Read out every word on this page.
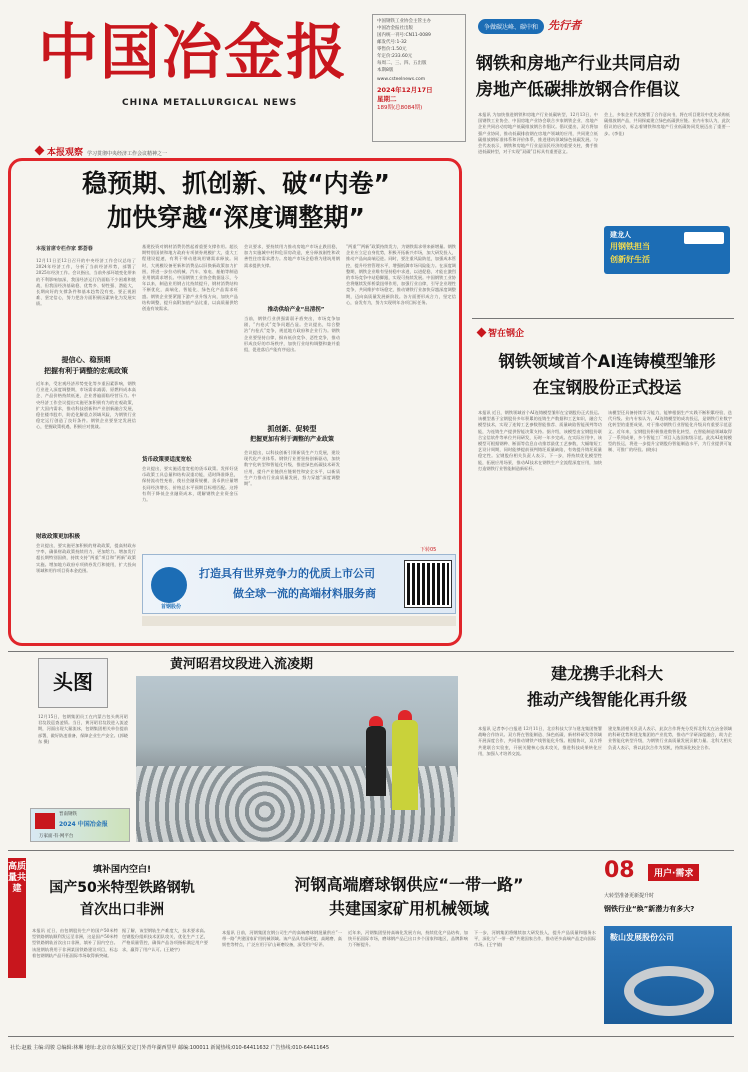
中国冶金报
CHINA METALLURGICAL NEWS
中国钢铁工业协会主管主办
中国冶金报社出版
国内统一刊号:CN11-0089
邮发代号:1-32
零售价:1.50元
年定价:233.60元
每周二、三、四、五出版
本期8版
www.csteelnews.com
2024年12月17日
星期二
189期(总8084期)
本报观察 学习贯彻中央经济工作会议精神之一
稳预期、抓创新、破“内卷”
加快穿越“深度调整期”
本报首席专栏作家 郭荟春
12月11日至12日召开的中央经济工作会议总结了2024年经济工作，分析了当前经济形势，部署了2025年经济工作。会议指出，当前外部环境变化带来的不利影响加深，我国经济运行仍面临不少困难和挑战，但我国经济基础稳、优势多、韧性强、潜能大，长期向好的支撑条件和基本趋势没有变。要正视困难、坚定信心，努力把各方面积极因素转化为发展实绩。
提信心、稳预期
把握有利于调整的宏观政策
近年来，受宏观经济形势变化等多重因素影响，钢铁行业进入深度调整期，市场需求减弱、原燃料成本高企、产品价格持续低迷，企业普遍面临经营压力。中央经济工作会议提出实施更加积极有为的宏观政策，扩大国内需求，推动科技创新和产业创新融合发展，稳住楼市股市，防范化解重点领域风险，为钢铁行业稳定运行创造了良好条件。钢铁企业要坚定发展信心，把握政策机遇，积极应对挑战。
财政政策更加积极
会议提出，要实施更加积极的财政政策，提高财政赤字率，确保财政政策持续用力、更加给力。增加发行超长期特别国债，持续支持“两重”项目和“两新”政策实施。增加地方政府专项债券发行和使用，扩大投向领域和用作项目资本金范围。
基建投资对钢材消费仍然起着重要支撑作用。超长期特别国债和地方政府专项债券规模扩大，重大工程建设提速，有利于带动建筑用钢需求释放。同时，大规模设备更新和消费品以旧换新政策加力扩围，将进一步拉动机械、汽车、家电、船舶等制造业用钢需求增长。中国钢铁工业协会数据显示，今年以来，制造业用钢占比持续提升，钢材消费结构不断优化，高端化、智能化、绿色化产品需求旺盛。钢铁企业要紧跟下游产业升级方向，加快产品结构调整，提升高附加值产品比重，以高质量供给创造有效需求。
货币政策要适度宽松
会议提出，要实施适度宽松的货币政策。发挥好货币政策工具总量和结构双重功能，适时降准降息，保持流动性充裕，使社会融资规模、货币供应量增长同经济增长、价格总水平预期目标相匹配。这将有利于降低企业融资成本，缓解钢铁企业资金压力。
会议要求，要持续用力推动房地产市场止跌回稳，加力实施城中村和危旧房改造，充分释放刚性和改善性住房需求潜力。房地产市场企稳将为建筑用钢需求提供支撑。
推动供给产业“出清拐”
当前，钢铁行业供强需弱矛盾突出，市场竞争加剧，“内卷式”竞争问题凸显。会议提出，综合整治“内卷式”竞争，规范地方政府和企业行为。钢铁企业要坚持自律，摒弃低价竞争、恶性竞争，推动形成良好的市场秩序，加快行业结构调整和兼并重组，促进落后产能有序退出。
抓创新、促转型
把握更加有利于调整的产业政策
会议提出，以科技创新引领新质生产力发展，建设现代化产业体系。钢铁行业要坚持创新驱动，加快数字化转型和智能化升级，推进绿色低碳技术研发应用，提升产业链供应链韧性和安全水平，以新质生产力推动行业高质量发展，努力穿越“深度调整期”。
“两重”“两新”政策持续发力，为钢铁需求带来新增量。钢铁企业应立足自身优势，积极开拓新兴市场，加大研发投入，推动产品向高端迈进。同时，要注重风险防范，加强成本管控，提升经营管理水平，增强抵御市场风险能力。在深度调整期，钢铁企业唯有坚持稳中求进，以进促稳，才能在激烈的市场竞争中站稳脚跟，实现可持续发展。中国钢铁工业协会将继续发挥桥梁纽带作用，加强行业自律，引导企业理性竞争，共同维护市场稳定，推动钢铁行业加快穿越深度调整期，迈向高质量发展新阶段。各方面要形成合力，坚定信心，奋发有为，努力实现明年各项目标任务。
下转05
首钢股份
打造具有世界竞争力的优质上市公司
做全球一流的高端材料服务商
争做碳达峰、碳中和 先行者
钢铁和房地产行业共同启动
房地产低碳排放钢合作倡议
本报讯 为加快推进钢铁和房地产行业低碳转型，12月13日，中国钢铁工业协会、中国房地产业协会联合多家钢铁企业、房地产企业共同启动房地产低碳排放钢合作倡议。倡议提出，双方将加强产业协同，推动低碳排放钢在房地产领域的应用，共同建立低碳排放钢标准体系和评价体系，推进建筑领域绿色低碳发展。与会代表表示，钢铁和房地产行业是国民经济的重要支柱，携手推进低碳转型，对于实现“双碳”目标具有重要意义。
会上，多家企业代表签署了合作意向书，将在项目建设中优先采购低碳排放钢产品，共同探索建立绿色低碳供应链。业内专家认为，此次倡议的启动，标志着钢铁和房地产行业低碳协同发展迈出了重要一步。(李佳)
建龙人
用钢铁担当
创新好生活
智在钢企
钢铁领域首个AI连铸模型雏形
在宝钢股份正式投运
本报讯 近日，钢铁领域首个AI连铸模型雏形在宝钢股份正式投运。该模型基于宝钢股份多年积累的连铸生产数据和工艺知识，融合大模型技术，实现了连铸工艺参数智能推荐、质量缺陷智能预判等功能，为连铸生产提供智能决策支持。据介绍，该模型由宝钢股份联合宝信软件等单位共同研发，历时一年多完成。在实际应用中，该模型可根据钢种、断面等信息自动推荐最优工艺参数，大幅缩短工艺设计周期，同时能够提前预判铸坯质量缺陷，有效提升铸坯质量稳定性。宝钢股份相关负责人表示，下一步，将持续优化模型性能，拓展应用场景，推动AI技术在钢铁生产全流程深度应用，加快打造钢铁行业智能制造新标杆。
该模型还具备持续学习能力，能够根据生产实践不断积累经验、迭代升级。业内专家认为，AI连铸模型的成功投运，是钢铁行业数字化转型的重要成果，对于推动钢铁行业智能化升级具有重要示范意义。近年来，宝钢股份积极推进数智化转型，在智能制造领域取得了一系列成果，多个智能工厂项目入选国家级示范。此次AI连铸模型的投运，将进一步提升宝钢股份智能制造水平，为行业提供可复制、可推广的经验。(晓东)
头图
黄河昭君坟段进入流凌期
12月15日，包钢集团员工在内蒙古包头黄河昭君坟段巡查凌情。当日，黄河昭君坟段进入流凌期，河面出现大量流冰，包钢集团相关单位提前部署，做好防凌准备，保障企业生产安全。(郭晓东 摄)
晋南钢铁
2024 中国冶金报
万家面·有·网平台
建龙携手北科大
推动产线智能化再升级
本报讯 记者李小白报道 12月11日，北京科技大学与建龙集团签署战略合作协议。双方将在智能制造、绿色低碳、新材料研发等领域开展深度合作，共同推动钢铁产线智能化升级。根据协议，双方将共建联合实验室，开展关键核心技术攻关，推进科技成果转化应用，加强人才培养交流。
建龙集团相关负责人表示，此次合作将充分发挥北科大在冶金领域的科研优势和建龙集团的产业优势，推动产学研深度融合，助力企业智能化转型升级，为钢铁行业高质量发展贡献力量。北科大相关负责人表示，将以此次合作为契机，持续深化校企合作。
高质量共建
填补国内空白!
国产50米特型铁路钢轨
首次出口非洲
本报讯 近日，由包钢股份生产的国产50米特型铁路钢轨顺利发运至非洲，这是国产50米特型铁路钢轨首次出口非洲，填补了国内空白。该批钢轨将用于非洲某国铁路建设项目，标志着包钢钢轨产品开拓国际市场取得新突破。
据了解，该型钢轨生产难度大，技术要求高。包钢股份组织技术团队攻关，优化生产工艺，严格质量管控，确保产品各项指标满足用户要求，赢得了用户认可。(王晓宇)
河钢高端磨球钢供应“一带一路”
共建国家矿用机械领域
本报讯 日前，河钢集团宣钢公司生产的高端磨球钢批量供应“一带一路”共建国家矿用机械领域。该产品具有高硬度、高耐磨、高韧性等特点，广泛应用于矿山研磨设备，深受用户好评。
近年来，河钢集团坚持高端化发展方向，持续优化产品结构，加快开拓国际市场，磨球钢产品已出口多个国家和地区，品牌影响力不断提升。
下一步，河钢集团将继续加大研发投入，提升产品质量和服务水平，深化与“一带一路”共建国家合作，推动更多高端产品走向国际市场。(王宇倩)
08	用户·需求
大转型准备更新提升时
钢铁行业“焕”新潜力有多大?
鞍山发展股份公司
社长:赵毅 主编:周骏 总编辑:林琳 地址:北京市东城区安定门外青年湖西里甲 邮编:100011 新闻热线:010-64411632 广告热线:010-64411645
